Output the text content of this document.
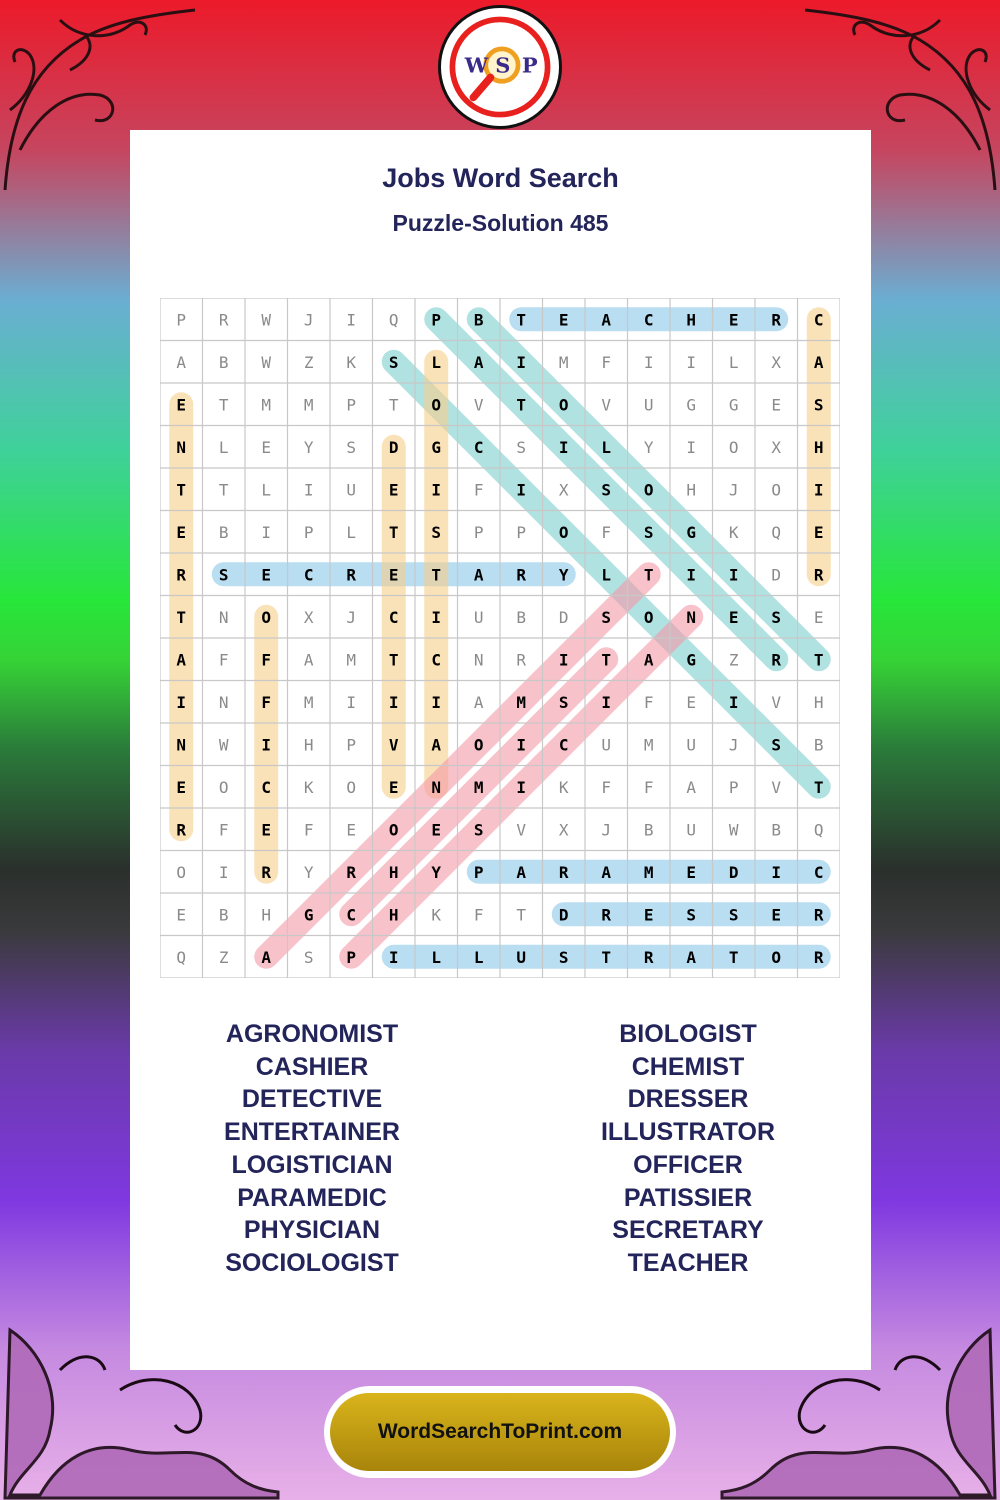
W S P
Jobs Word Search
Puzzle-Solution 485
P R W J I Q P B T E A C H E R C
A B W Z K S L A I M F I I L X A
E T M M P T O V T O V U G G E S
N L E Y S D G C S I L Y I O X H
T T L I U E I F I X S O H J O I
E B I P L T S P P O F S G K Q E
R S E C R E T A R Y L T I I D R
T N O X J C I U B D S O N E S E
A F F A M T C N R I T A G Z R T
I N F M I I I A M S I F E I V H
N W I H P V A O I C U M U J S B
E O C K O E N M I K F F A P V T
R F E F E O E S V X J B U W B Q
O I R Y R H Y P A R A M E D I C
E B H G C H K F T D R E S S E R
Q Z A S P I L L U S T R A T O R
AGRONOMIST
CASHIER
DETECTIVE
ENTERTAINER
LOGISTICIAN
PARAMEDIC
PHYSICIAN
SOCIOLOGIST
BIOLOGIST
CHEMIST
DRESSER
ILLUSTRATOR
OFFICER
PATISSIER
SECRETARY
TEACHER
WordSearchToPrint.com
